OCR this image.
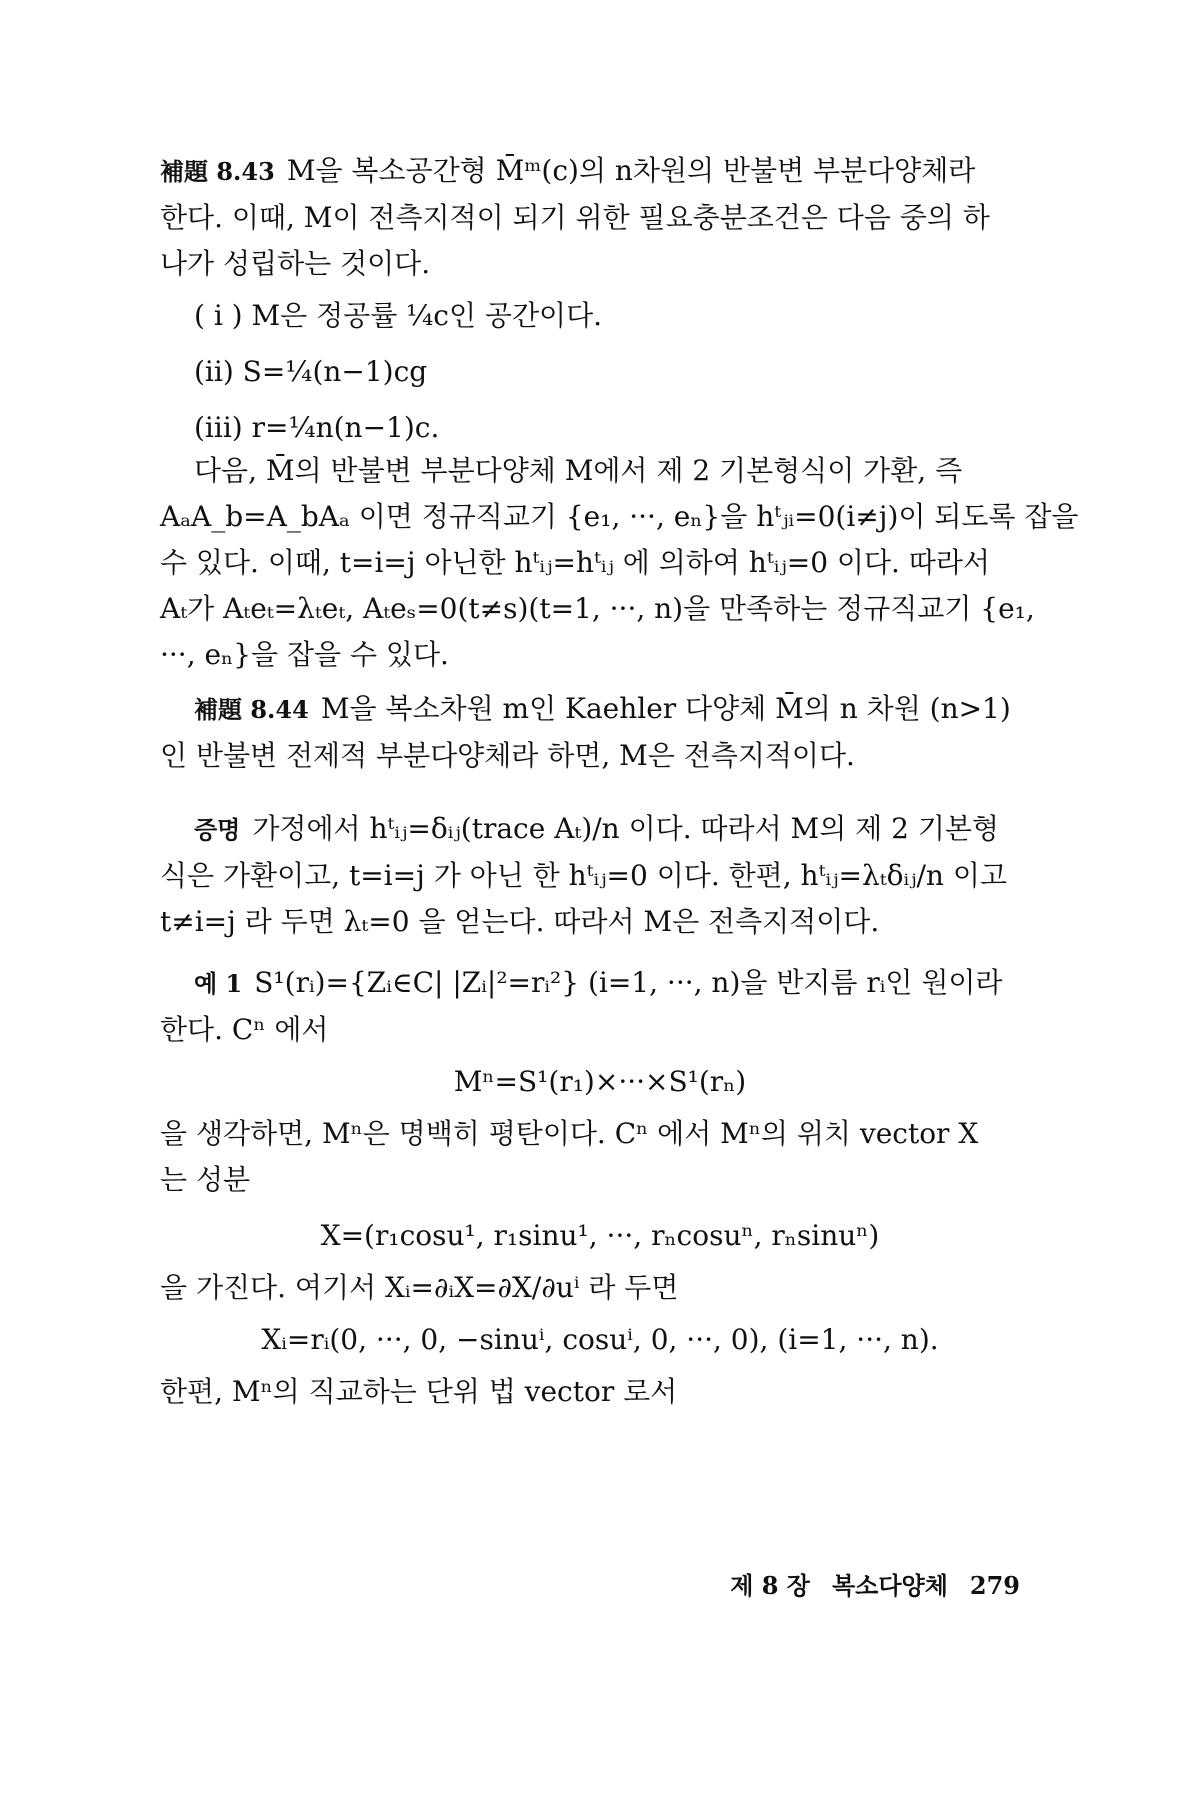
補題 8.43 M을 복소공간형 M̄ᵐ(c)의 n차원의 반불변 부분다양체라

한다. 이때, M이 전측지적이 되기 위한 필요충분조건은 다음 중의 하

나가 성립하는 것이다.

( i ) M은 정공률 ¼c인 공간이다.

(ii) S=¼(n−1)cg

(iii) r=¼n(n−1)c.

다음, M̄의 반불변 부분다양체 M에서 제 2 기본형식이 가환, 즉

AₐA_b=A_bAₐ 이면 정규직교기 {e₁, ···, eₙ}을 hᵗⱼᵢ=0(i≠j)이 되도록 잡을

수 있다. 이때, t=i=j 아닌한 hᵗᵢⱼ=hᵗᵢⱼ 에 의하여 hᵗᵢⱼ=0 이다. 따라서

Aₜ가 Aₜeₜ=λₜeₜ, Aₜeₛ=0(t≠s)(t=1, ···, n)을 만족하는 정규직교기 {e₁,

···, eₙ}을 잡을 수 있다.

補題 8.44 M을 복소차원 m인 Kaehler 다양체 M̄의 n 차원 (n>1)

인 반불변 전제적 부분다양체라 하면, M은 전측지적이다.

증명 가정에서 hᵗᵢⱼ=δᵢⱼ(trace Aₜ)/n 이다. 따라서 M의 제 2 기본형

식은 가환이고, t=i=j 가 아닌 한 hᵗᵢⱼ=0 이다. 한편, hᵗᵢⱼ=λₜδᵢⱼ/n 이고

t≠i=j 라 두면 λₜ=0 을 얻는다. 따라서 M은 전측지적이다.

예 1 S¹(rᵢ)={Zᵢ∈C| |Zᵢ|²=rᵢ²} (i=1, ···, n)을 반지름 rᵢ인 원이라

한다. Cⁿ 에서

Mⁿ=S¹(r₁)×···×S¹(rₙ)

을 생각하면, Mⁿ은 명백히 평탄이다. Cⁿ 에서 Mⁿ의 위치 vector X

는 성분

X=(r₁cosu¹, r₁sinu¹, ···, rₙcosuⁿ, rₙsinuⁿ)

을 가진다. 여기서 Xᵢ=∂ᵢX=∂X/∂uⁱ 라 두면

Xᵢ=rᵢ(0, ···, 0, −sinuⁱ, cosuⁱ, 0, ···, 0), (i=1, ···, n).

한편, Mⁿ의 직교하는 단위 법 vector 로서

제 8 장 복소다양체 279
